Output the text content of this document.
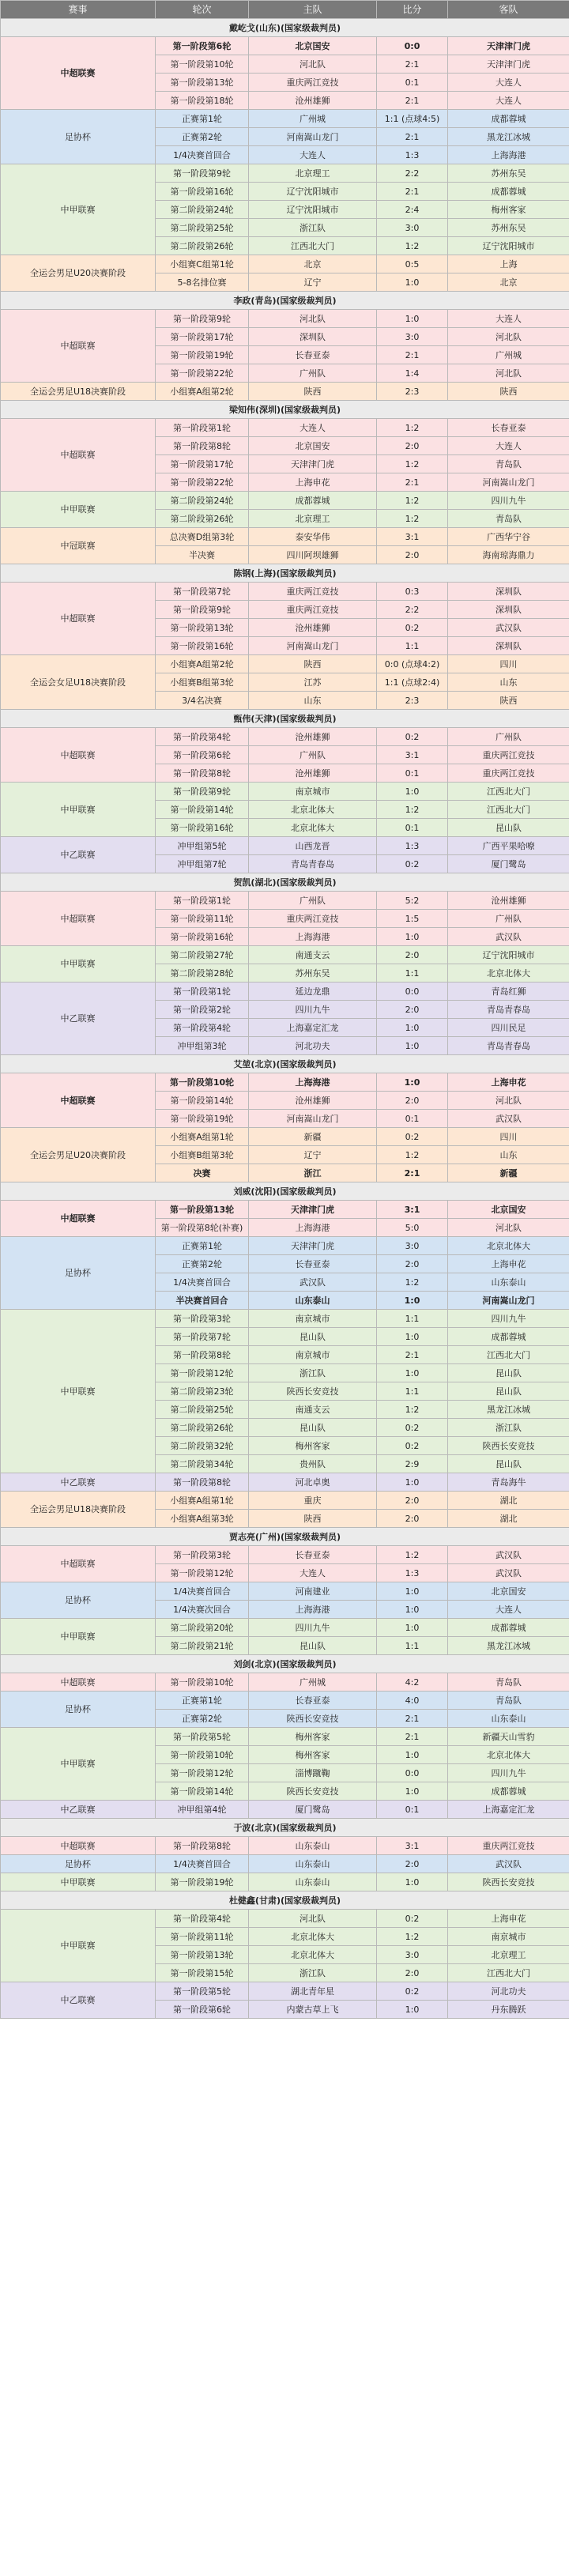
赛事	轮次	主队	比分	客队
戴屹戈(山东)(国家级裁判员)				
中超联赛	第一阶段第6轮	北京国安	0:0	天津津门虎
	第一阶段第10轮	河北队	2:1	天津津门虎
	第一阶段第13轮	重庆两江竞技	0:1	大连人
	第一阶段第18轮	沧州雄狮	2:1	大连人
足协杯	正赛第1轮	广州城	1:1 (点球4:5)	成都蓉城
	正赛第2轮	河南嵩山龙门	2:1	黑龙江冰城
	1/4决赛首回合	大连人	1:3	上海海港
中甲联赛	第一阶段第9轮	北京理工	2:2	苏州东吴
	第一阶段第16轮	辽宁沈阳城市	2:1	成都蓉城
	第二阶段第24轮	辽宁沈阳城市	2:4	梅州客家
	第二阶段第25轮	浙江队	3:0	苏州东吴
	第二阶段第26轮	江西北大门	1:2	辽宁沈阳城市
全运会男足U20决赛阶段	小组赛C组第1轮	北京	0:5	上海
	5-8名排位赛	辽宁	1:0	北京
李政(青岛)(国家级裁判员)				
中超联赛	第一阶段第9轮	河北队	1:0	大连人
	第一阶段第17轮	深圳队	3:0	河北队
	第一阶段第19轮	长春亚泰	2:1	广州城
	第一阶段第22轮	广州队	1:4	河北队
全运会男足U18决赛阶段	小组赛A组第2轮	陕西	2:3	陕西
梁知伟(深圳)(国家级裁判员)				
中超联赛	第一阶段第1轮	大连人	1:2	长春亚泰
	第一阶段第8轮	北京国安	2:0	大连人
	第一阶段第17轮	天津津门虎	1:2	青岛队
	第一阶段第22轮	上海申花	2:1	河南嵩山龙门
中甲联赛	第二阶段第24轮	成都蓉城	1:2	四川九牛
	第二阶段第26轮	北京理工	1:2	青岛队
中冠联赛	总决赛D组第3轮	泰安华伟	3:1	广西华宁谷
	半决赛	四川阿坝雄狮	2:0	海南琼海鼎力
陈钢(上海)(国家级裁判员)				
中超联赛	第一阶段第7轮	重庆两江竞技	0:3	深圳队
	第一阶段第9轮	重庆两江竞技	2:2	深圳队
	第一阶段第13轮	沧州雄狮	0:2	武汉队
	第一阶段第16轮	河南嵩山龙门	1:1	深圳队
全运会女足U18决赛阶段	小组赛A组第2轮	陕西	0:0 (点球4:2)	四川
	小组赛B组第3轮	江苏	1:1 (点球2:4)	山东
	3/4名决赛	山东	2:3	陕西
甄伟(天津)(国家级裁判员)				
中超联赛	第一阶段第4轮	沧州雄狮	0:2	广州队
	第一阶段第6轮	广州队	3:1	重庆两江竞技
	第一阶段第8轮	沧州雄狮	0:1	重庆两江竞技
中甲联赛	第一阶段第9轮	南京城市	1:0	江西北大门
	第一阶段第14轮	北京北体大	1:2	江西北大门
	第一阶段第16轮	北京北体大	0:1	昆山队
中乙联赛	冲甲组第5轮	山西龙晋	1:3	广西平果哈嘹
	冲甲组第7轮	青岛青春岛	0:2	厦门鹭岛
贺凯(湖北)(国家级裁判员)				
中超联赛	第一阶段第1轮	广州队	5:2	沧州雄狮
	第一阶段第11轮	重庆两江竞技	1:5	广州队
	第一阶段第16轮	上海海港	1:0	武汉队
中甲联赛	第二阶段第27轮	南通支云	2:0	辽宁沈阳城市
	第二阶段第28轮	苏州东吴	1:1	北京北体大
中乙联赛	第一阶段第1轮	延边龙鼎	0:0	青岛红狮
	第一阶段第2轮	四川九牛	2:0	青岛青春岛
	第一阶段第4轮	上海嘉定汇龙	1:0	四川民足
	冲甲组第3轮	河北功夫	1:0	青岛青春岛
艾堃(北京)(国家级裁判员)				
中超联赛	第一阶段第10轮	上海海港	1:0	上海申花
	第一阶段第14轮	沧州雄狮	2:0	河北队
	第一阶段第19轮	河南嵩山龙门	0:1	武汉队
全运会男足U20决赛阶段	小组赛A组第1轮	新疆	0:2	四川
	小组赛B组第3轮	辽宁	1:2	山东
	决赛	浙江	2:1	新疆
刘威(沈阳)(国家级裁判员)				
中超联赛	第一阶段第13轮	天津津门虎	3:1	北京国安
	第一阶段第8轮(补赛)	上海海港	5:0	河北队
足协杯	正赛第1轮	天津津门虎	3:0	北京北体大
	正赛第2轮	长春亚泰	2:0	上海申花
	1/4决赛首回合	武汉队	1:2	山东泰山
	半决赛首回合	山东泰山	1:0	河南嵩山龙门
中甲联赛	第一阶段第3轮	南京城市	1:1	四川九牛
	第一阶段第7轮	昆山队	1:0	成都蓉城
	第一阶段第8轮	南京城市	2:1	江西北大门
	第一阶段第12轮	浙江队	1:0	昆山队
	第二阶段第23轮	陕西长安竞技	1:1	昆山队
	第二阶段第25轮	南通支云	1:2	黑龙江冰城
	第二阶段第26轮	昆山队	0:2	浙江队
	第二阶段第32轮	梅州客家	0:2	陕西长安竞技
	第二阶段第34轮	贵州队	2:9	昆山队
中乙联赛	第一阶段第8轮	河北卓奥	1:0	青岛海牛
全运会男足U18决赛阶段	小组赛A组第1轮	重庆	2:0	湖北
	小组赛A组第3轮	陕西	2:0	湖北
贾志亮(广州)(国家级裁判员)				
中超联赛	第一阶段第3轮	长春亚泰	1:2	武汉队
	第一阶段第12轮	大连人	1:3	武汉队
足协杯	1/4决赛首回合	河南建业	1:0	北京国安
	1/4决赛次回合	上海海港	1:0	大连人
中甲联赛	第二阶段第20轮	四川九牛	1:0	成都蓉城
	第二阶段第21轮	昆山队	1:1	黑龙江冰城
刘剑(北京)(国家级裁判员)				
中超联赛	第一阶段第10轮	广州城	4:2	青岛队
足协杯	正赛第1轮	长春亚泰	4:0	青岛队
	正赛第2轮	陕西长安竞技	2:1	山东泰山
中甲联赛	第一阶段第5轮	梅州客家	2:1	新疆天山雪豹
	第一阶段第10轮	梅州客家	1:0	北京北体大
	第一阶段第12轮	淄博蹴鞠	0:0	四川九牛
	第一阶段第14轮	陕西长安竞技	1:0	成都蓉城
中乙联赛	冲甲组第4轮	厦门鹭岛	0:1	上海嘉定汇龙
于波(北京)(国家级裁判员)				
中超联赛	第一阶段第8轮	山东泰山	3:1	重庆两江竞技
足协杯	1/4决赛首回合	山东泰山	2:0	武汉队
中甲联赛	第一阶段第19轮	山东泰山	1:0	陕西长安竞技
杜健鑫(甘肃)(国家级裁判员)				
中甲联赛	第一阶段第4轮	河北队	0:2	上海申花
	第一阶段第11轮	北京北体大	1:2	南京城市
	第一阶段第13轮	北京北体大	3:0	北京理工
	第一阶段第15轮	浙江队	2:0	江西北大门
中乙联赛	第一阶段第5轮	湖北青年星	0:2	河北功夫
	第一阶段第6轮	内蒙古草上飞	1:0	丹东腾跃
